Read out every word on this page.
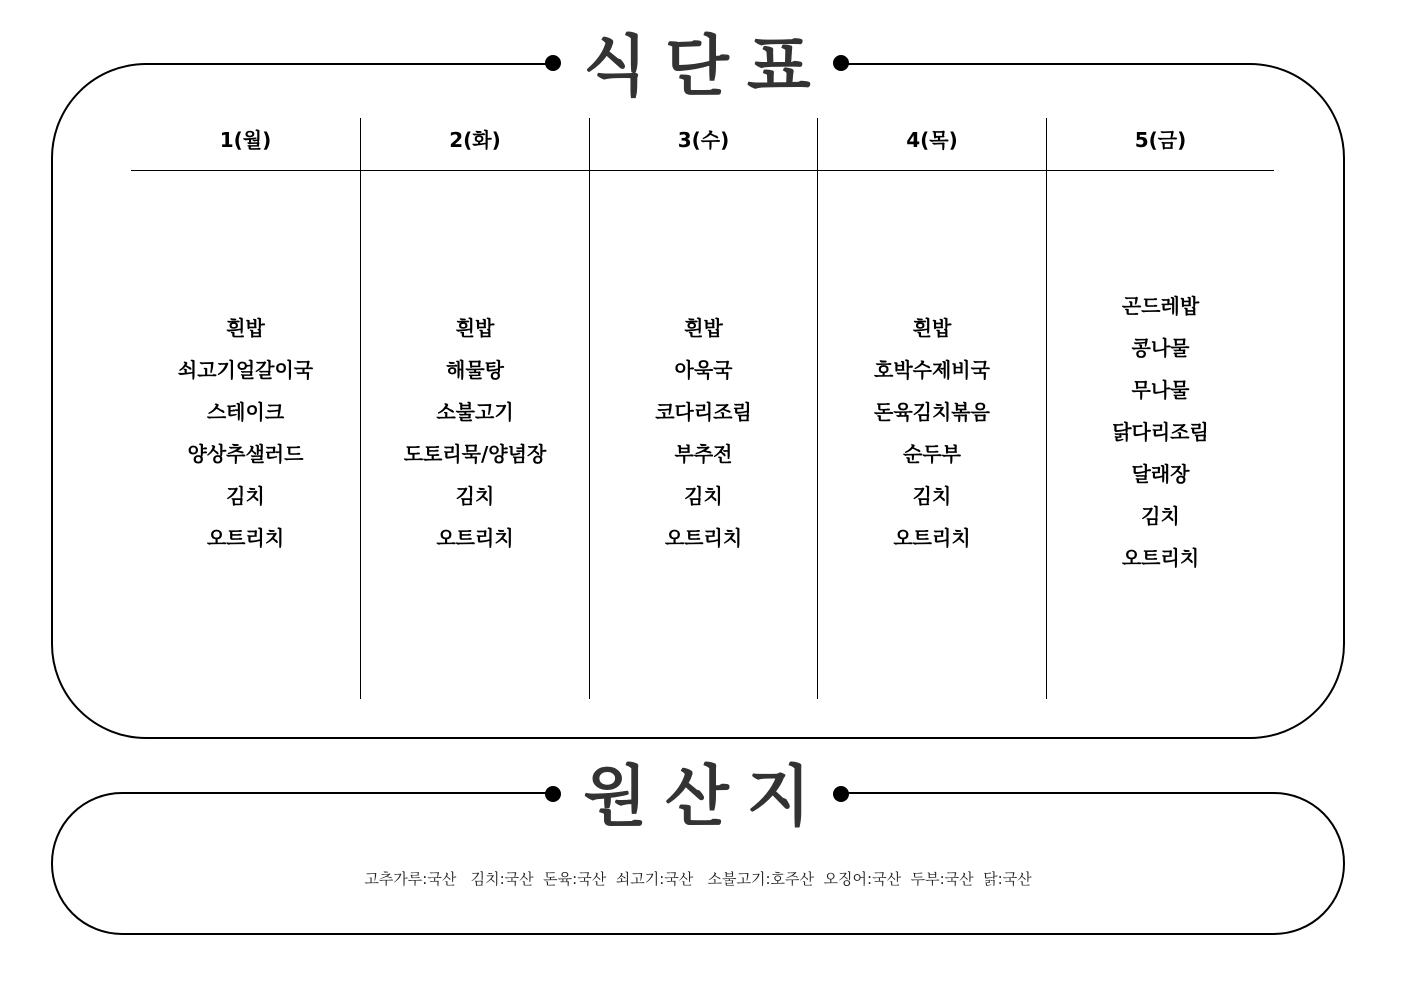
식단표
1(월)
흰밥
쇠고기얼갈이국
스테이크
양상추샐러드
김치
오트리치
2(화)
흰밥
해물탕
소불고기
도토리묵/양념장
김치
오트리치
3(수)
흰밥
아욱국
코다리조림
부추전
김치
오트리치
4(목)
흰밥
호박수제비국
돈육김치볶음
순두부
김치
오트리치
5(금)
곤드레밥
콩나물
무나물
닭다리조림
달래장
김치
오트리치
원산지
고추가루:국산   김치:국산  돈육:국산  쇠고기:국산   소불고기:호주산  오징어:국산  두부:국산  닭:국산
